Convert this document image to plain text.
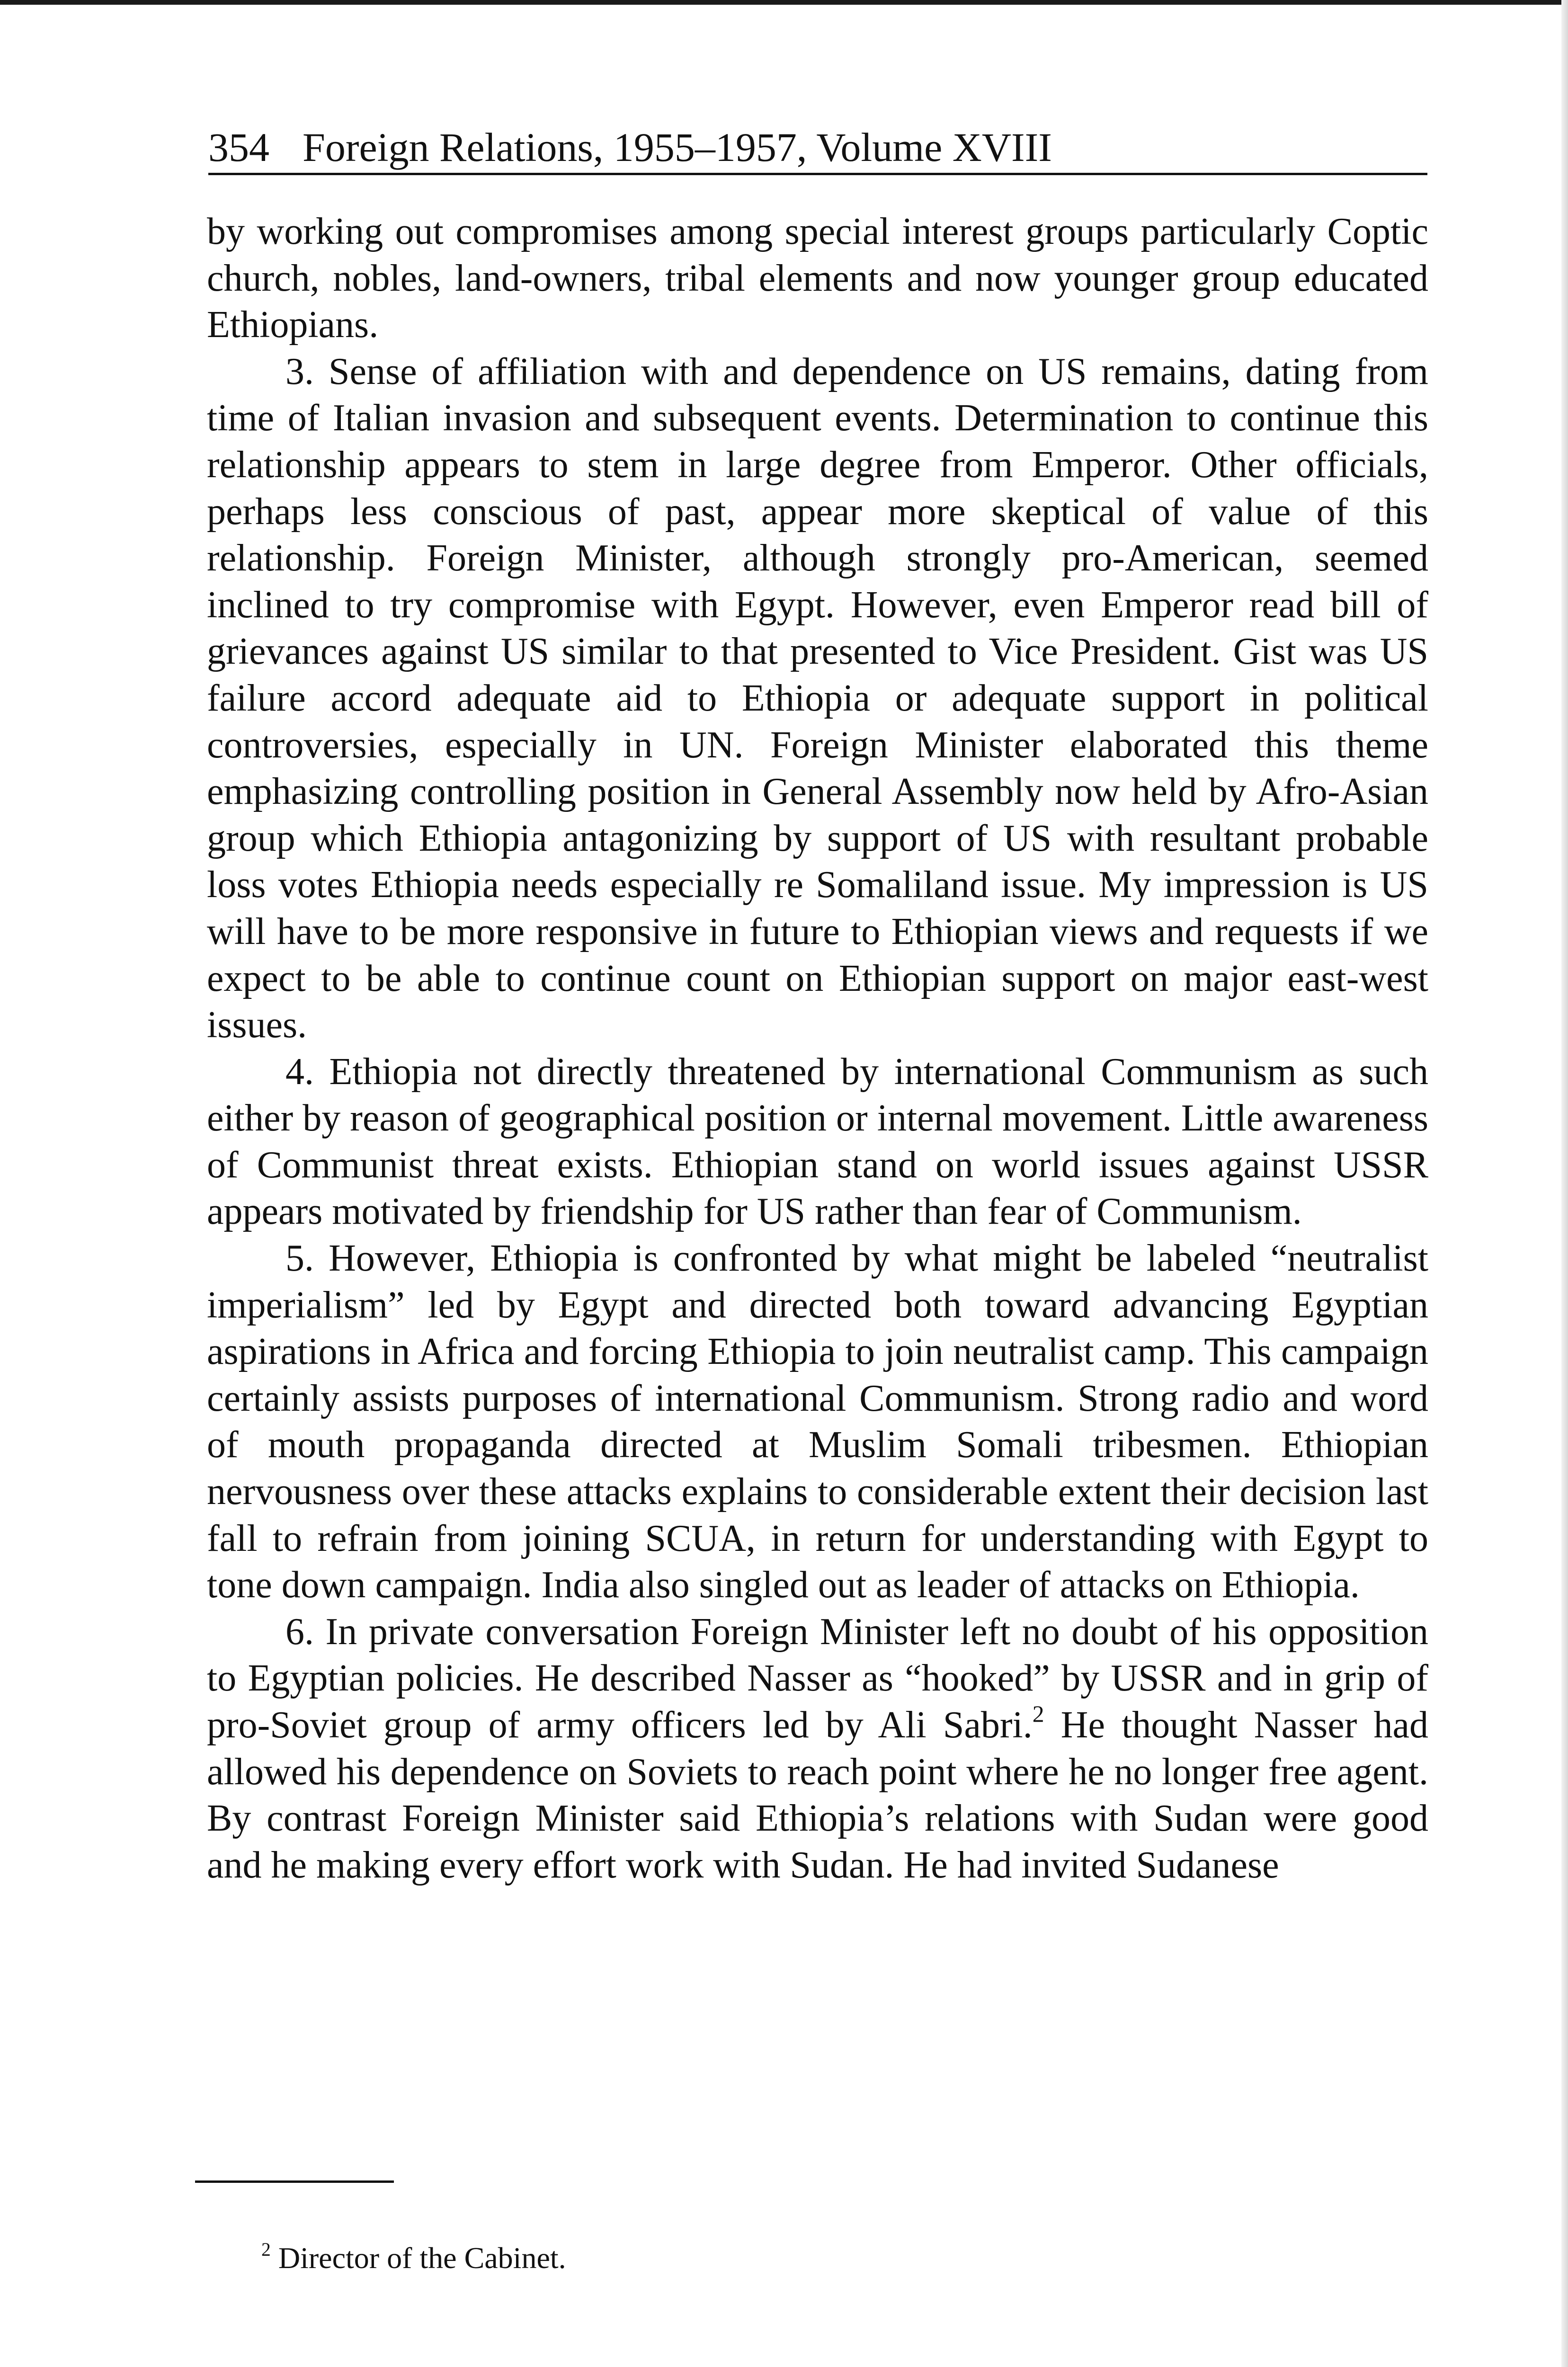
354 Foreign Relations, 1955–1957, Volume XVIII

by working out compromises among special interest groups particularly Coptic church, nobles, land-owners, tribal elements and now younger group educated Ethiopians.

3. Sense of affiliation with and dependence on US remains, dating from time of Italian invasion and subsequent events. Determination to continue this relationship appears to stem in large degree from Emperor. Other officials, perhaps less conscious of past, appear more skeptical of value of this relationship. Foreign Minister, although strongly pro-American, seemed inclined to try compromise with Egypt. However, even Emperor read bill of grievances against US similar to that presented to Vice President. Gist was US failure accord adequate aid to Ethiopia or adequate support in political controversies, especially in UN. Foreign Minister elaborated this theme emphasizing controlling position in General Assembly now held by Afro-Asian group which Ethiopia antagonizing by support of US with resultant probable loss votes Ethiopia needs especially re Somaliland issue. My impression is US will have to be more responsive in future to Ethiopian views and requests if we expect to be able to continue count on Ethiopian support on major east-west issues.

4. Ethiopia not directly threatened by international Communism as such either by reason of geographical position or internal movement. Little awareness of Communist threat exists. Ethiopian stand on world issues against USSR appears motivated by friendship for US rather than fear of Communism.

5. However, Ethiopia is confronted by what might be labeled “neutralist imperialism” led by Egypt and directed both toward advancing Egyptian aspirations in Africa and forcing Ethiopia to join neutralist camp. This campaign certainly assists purposes of international Communism. Strong radio and word of mouth propaganda directed at Muslim Somali tribesmen. Ethiopian nervousness over these attacks explains to considerable extent their decision last fall to refrain from joining SCUA, in return for understanding with Egypt to tone down campaign. India also singled out as leader of attacks on Ethiopia.

6. In private conversation Foreign Minister left no doubt of his opposition to Egyptian policies. He described Nasser as “hooked” by USSR and in grip of pro-Soviet group of army officers led by Ali Sabri.$^2$ He thought Nasser had allowed his dependence on Soviets to reach point where he no longer free agent. By contrast Foreign Minister said Ethiopia’s relations with Sudan were good and he making every effort work with Sudan. He had invited Sudanese

$^2$ Director of the Cabinet.
